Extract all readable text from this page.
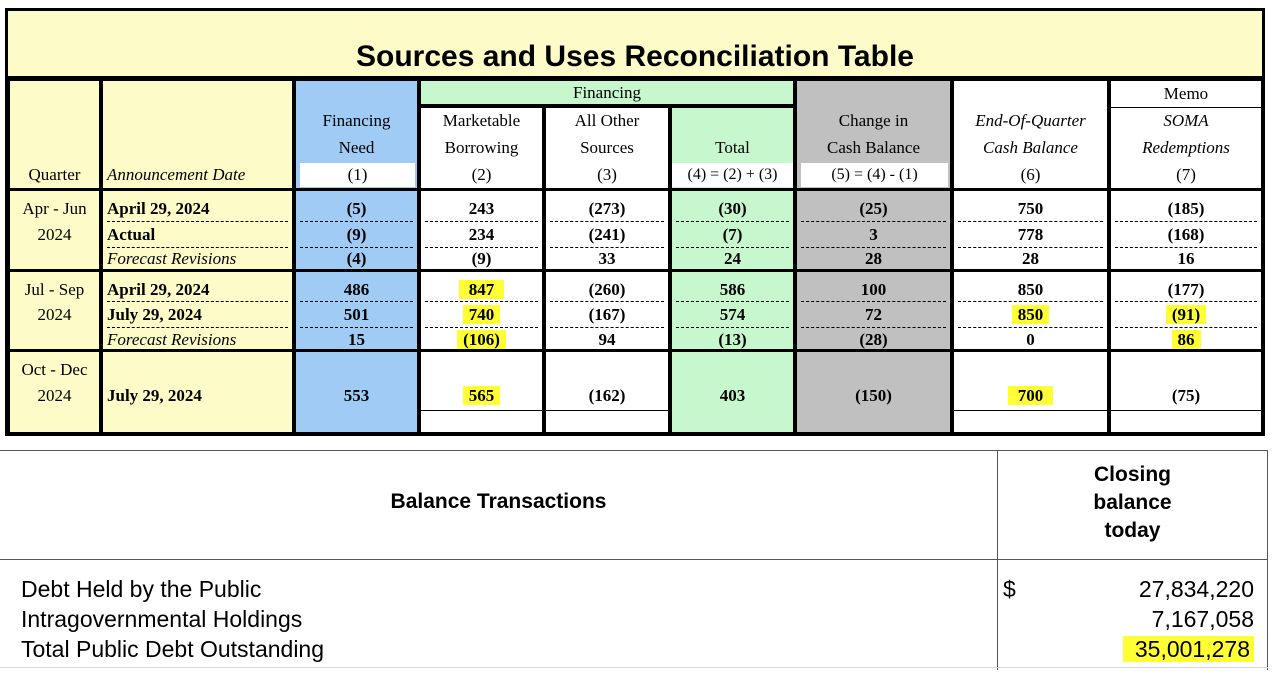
Sources and Uses Reconciliation Table
Quarter
Apr - Jun
2024
Jul - Sep
2024
Oct - Dec
2024
Announcement Date
April 29, 2024
Actual
Forecast Revisions
April 29, 2024
July 29, 2024
Forecast Revisions
July 29, 2024
Financing
Need
(1)
(5)
(9)
(4)
486
501
15
553
Financing
Marketable
Borrowing
(2)
243
234
(9)
847
740
(106)
565
All Other
Sources
(3)
(273)
(241)
33
(260)
(167)
94
(162)
Total
(4) = (2) + (3)
(30)
(7)
24
586
574
(13)
403
Change in
Cash Balance
(5) = (4) - (1)
(25)
3
28
100
72
(28)
(150)
End-Of-Quarter
Cash Balance
(6)
750
778
28
850
850
0
700
Memo
SOMA
Redemptions
(7)
(185)
(168)
16
(177)
(91)
86
(75)
Balance Transactions
Closing
balance
today
Debt Held by the Public
Intragovernmental Holdings
Total Public Debt Outstanding
$	27,834,220
7,167,058
35,001,278
